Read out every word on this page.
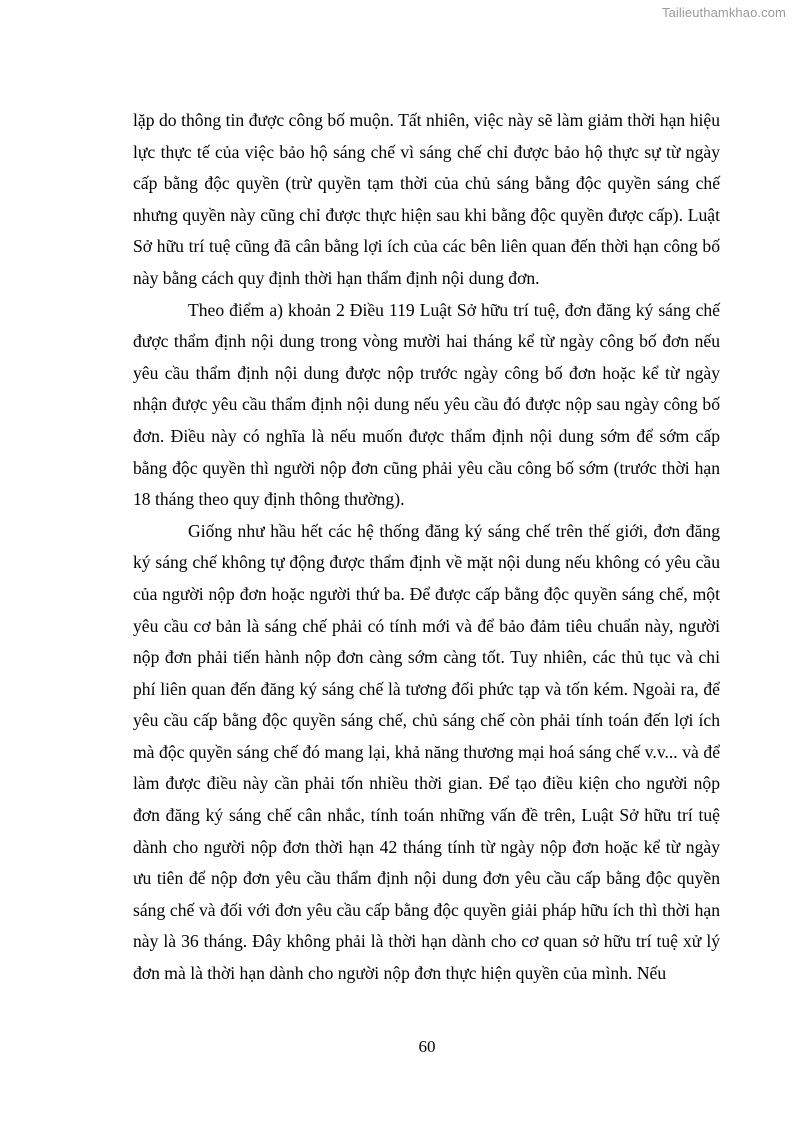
Tailieuthamkhao.com

lặp do thông tin được công bố muộn. Tất nhiên, việc này sẽ làm giảm thời hạn hiệu lực thực tế của việc bảo hộ sáng chế vì sáng chế chỉ được bảo hộ thực sự từ ngày cấp bằng độc quyền (trừ quyền tạm thời của chủ sáng bằng độc quyền sáng chế nhưng quyền này cũng chỉ được thực hiện sau khi bằng độc quyền được cấp). Luật Sở hữu trí tuệ cũng đã cân bằng lợi ích của các bên liên quan đến thời hạn công bố này bằng cách quy định thời hạn thẩm định nội dung đơn.

Theo điểm a) khoản 2 Điều 119 Luật Sở hữu trí tuệ, đơn đăng ký sáng chế được thẩm định nội dung trong vòng mười hai tháng kể từ ngày công bố đơn nếu yêu cầu thẩm định nội dung được nộp trước ngày công bố đơn hoặc kể từ ngày nhận được yêu cầu thẩm định nội dung nếu yêu cầu đó được nộp sau ngày công bố đơn. Điều này có nghĩa là nếu muốn được thẩm định nội dung sớm để sớm cấp bằng độc quyền thì người nộp đơn cũng phải yêu cầu công bố sớm (trước thời hạn 18 tháng theo quy định thông thường).

Giống như hầu hết các hệ thống đăng ký sáng chế trên thế giới, đơn đăng ký sáng chế không tự động được thẩm định về mặt nội dung nếu không có yêu cầu của người nộp đơn hoặc người thứ ba. Để được cấp bằng độc quyền sáng chế, một yêu cầu cơ bản là sáng chế phải có tính mới và để bảo đảm tiêu chuẩn này, người nộp đơn phải tiến hành nộp đơn càng sớm càng tốt. Tuy nhiên, các thủ tục và chi phí liên quan đến đăng ký sáng chế là tương đối phức tạp và tốn kém. Ngoài ra, để yêu cầu cấp bằng độc quyền sáng chế, chủ sáng chế còn phải tính toán đến lợi ích mà độc quyền sáng chế đó mang lại, khả năng thương mại hoá sáng chế v.v... và để làm được điều này cần phải tốn nhiều thời gian. Để tạo điều kiện cho người nộp đơn đăng ký sáng chế cân nhắc, tính toán những vấn đề trên, Luật Sở hữu trí tuệ dành cho người nộp đơn thời hạn 42 tháng tính từ ngày nộp đơn hoặc kể từ ngày ưu tiên để nộp đơn yêu cầu thẩm định nội dung đơn yêu cầu cấp bằng độc quyền sáng chế và đối với đơn yêu cầu cấp bằng độc quyền giải pháp hữu ích thì thời hạn này là 36 tháng. Đây không phải là thời hạn dành cho cơ quan sở hữu trí tuệ xử lý đơn mà là thời hạn dành cho người nộp đơn thực hiện quyền của mình. Nếu

60
